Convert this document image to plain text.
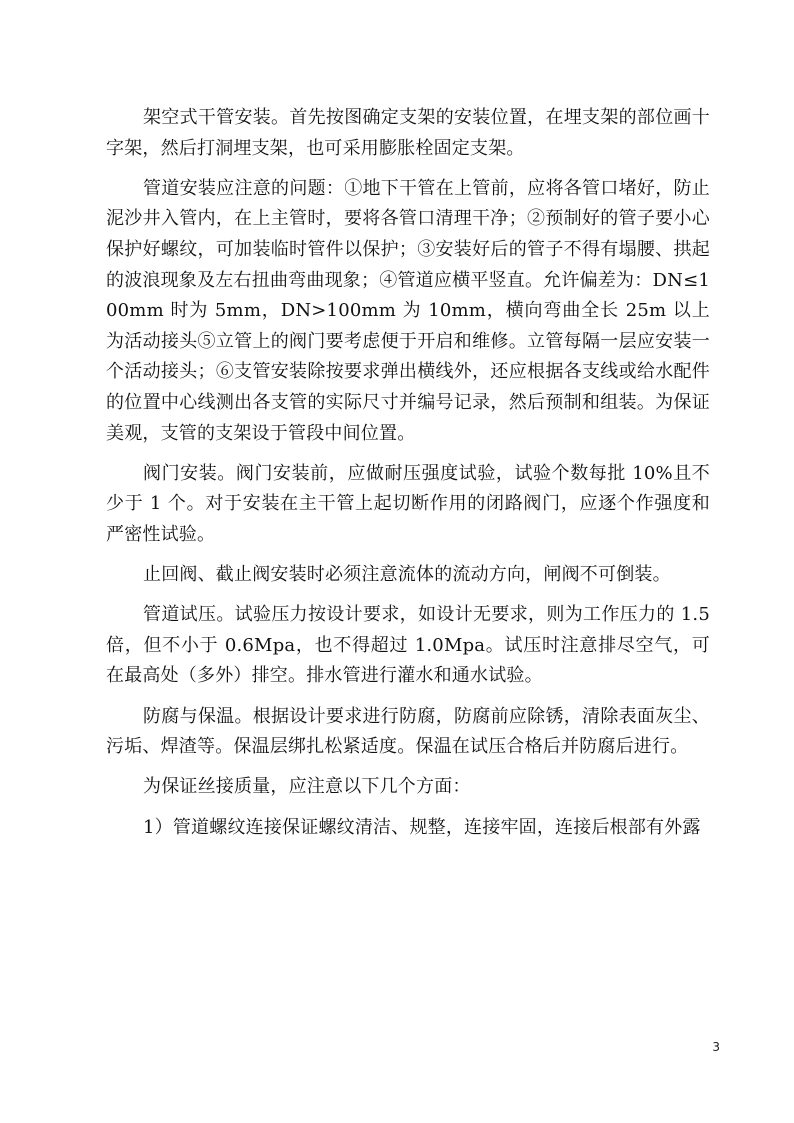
架空式干管安装。首先按图确定支架的安装位置，在埋支架的部位画十字架，然后打洞埋支架，也可采用膨胀栓固定支架。

管道安装应注意的问题：①地下干管在上管前，应将各管口堵好，防止泥沙井入管内，在上主管时，要将各管口清理干净；②预制好的管子要小心保护好螺纹，可加装临时管件以保护；③安装好后的管子不得有塌腰、拱起的波浪现象及左右扭曲弯曲现象；④管道应横平竖直。允许偏差为：DN≤100mm 时为 5mm，DN>100mm 为 10mm，横向弯曲全长 25m 以上为活动接头⑤立管上的阀门要考虑便于开启和维修。立管每隔一层应安装一个活动接头；⑥支管安装除按要求弹出横线外，还应根据各支线或给水配件的位置中心线测出各支管的实际尺寸并编号记录，然后预制和组装。为保证美观，支管的支架设于管段中间位置。

阀门安装。阀门安装前，应做耐压强度试验，试验个数每批 10%且不少于 1 个。对于安装在主干管上起切断作用的闭路阀门，应逐个作强度和严密性试验。

止回阀、截止阀安装时必须注意流体的流动方向，闸阀不可倒装。

管道试压。试验压力按设计要求，如设计无要求，则为工作压力的 1.5 倍，但不小于 0.6Mpa，也不得超过 1.0Mpa。试压时注意排尽空气，可在最高处（多外）排空。排水管进行灌水和通水试验。

防腐与保温。根据设计要求进行防腐，防腐前应除锈，清除表面灰尘、污垢、焊渣等。保温层绑扎松紧适度。保温在试压合格后并防腐后进行。

为保证丝接质量，应注意以下几个方面：

1）管道螺纹连接保证螺纹清洁、规整，连接牢固，连接后根部有外露

3
